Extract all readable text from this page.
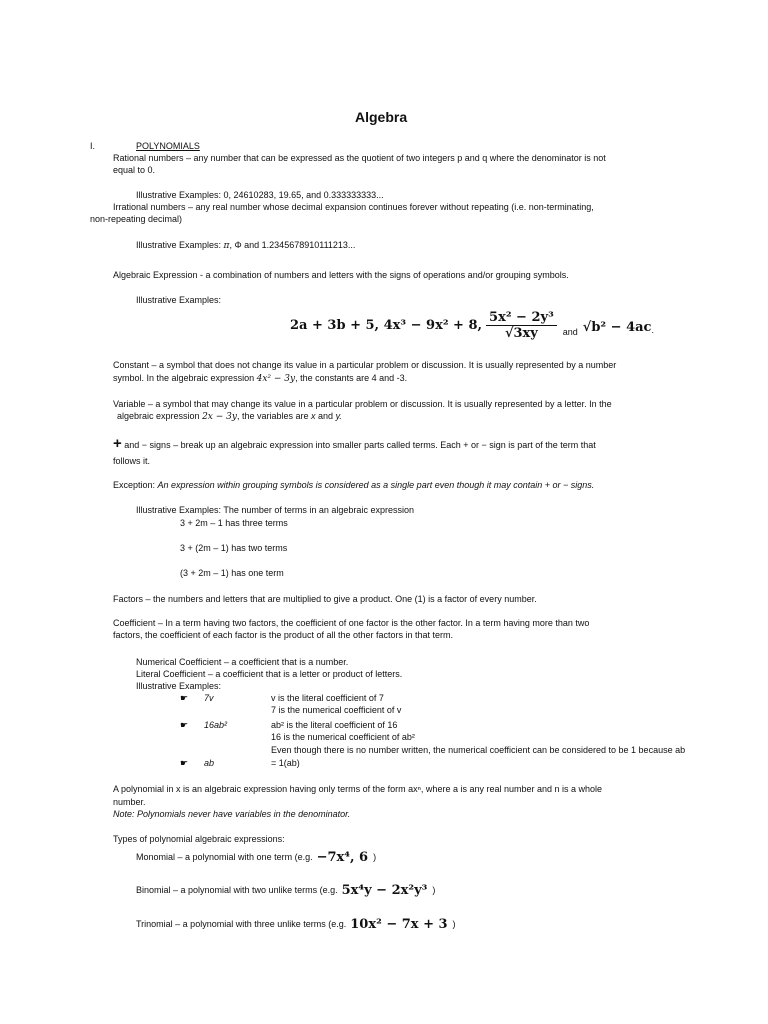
Algebra
I.	POLYNOMIALS
Rational numbers – any number that can be expressed as the quotient of two integers p and q where the denominator is not
equal to 0.
Illustrative Examples: 0, 24610283, 19.65, and 0.333333333...
Irrational numbers – any real number whose decimal expansion continues forever without repeating (i.e. non-terminating,
non-repeating decimal)
Illustrative Examples: π, Φ and 1.2345678910111213...
Algebraic Expression - a combination of numbers and letters with the signs of operations and/or grouping symbols.
Illustrative Examples:
2a + 3b + 5, 4x³ − 9x² + 8, $\frac{\text{5x² − 2y³}}{√3xy}$ and √b² − 4ac .
Constant – a symbol that does not change its value in a particular problem or discussion. It is usually represented by a number
symbol. In the algebraic expression 4x² − 3y, the constants are 4 and -3.
Variable – a symbol that may change its value in a particular problem or discussion. It is usually represented by a letter. In the
algebraic expression 2x − 3y, the variables are x and y.
+ and − signs – break up an algebraic expression into smaller parts called terms. Each + or − sign is part of the term that
follows it.
Exception: An expression within grouping symbols is considered as a single part even though it may contain + or − signs.
Illustrative Examples: The number of terms in an algebraic expression
3 + 2m – 1 has three terms
3 + (2m – 1) has two terms
(3 + 2m – 1) has one term
Factors – the numbers and letters that are multiplied to give a product. One (1) is a factor of every number.
Coefficient – In a term having two factors, the coefficient of one factor is the other factor. In a term having more than two
factors, the coefficient of each factor is the product of all the other factors in that term.
Numerical Coefficient – a coefficient that is a number.
Literal Coefficient – a coefficient that is a letter or product of letters.
Illustrative Examples:
☛ 7v	v is the literal coefficient of 7
7 is the numerical coefficient of v
☛ 16ab²	ab² is the literal coefficient of 16
16 is the numerical coefficient of ab²
Even though there is no number written, the numerical coefficient can be considered to be 1 because ab
☛ ab	= 1(ab)
A polynomial in x is an algebraic expression having only terms of the form axⁿ, where a is any real number and n is a whole
number.
Note: Polynomials never have variables in the denominator.
Types of polynomial algebraic expressions:
Monomial – a polynomial with one term (e.g. −7x⁴, 6 )
Binomial – a polynomial with two unlike terms (e.g. 5x⁴y − 2x²y³ )
Trinomial – a polynomial with three unlike terms (e.g. 10x² − 7x + 3 )
